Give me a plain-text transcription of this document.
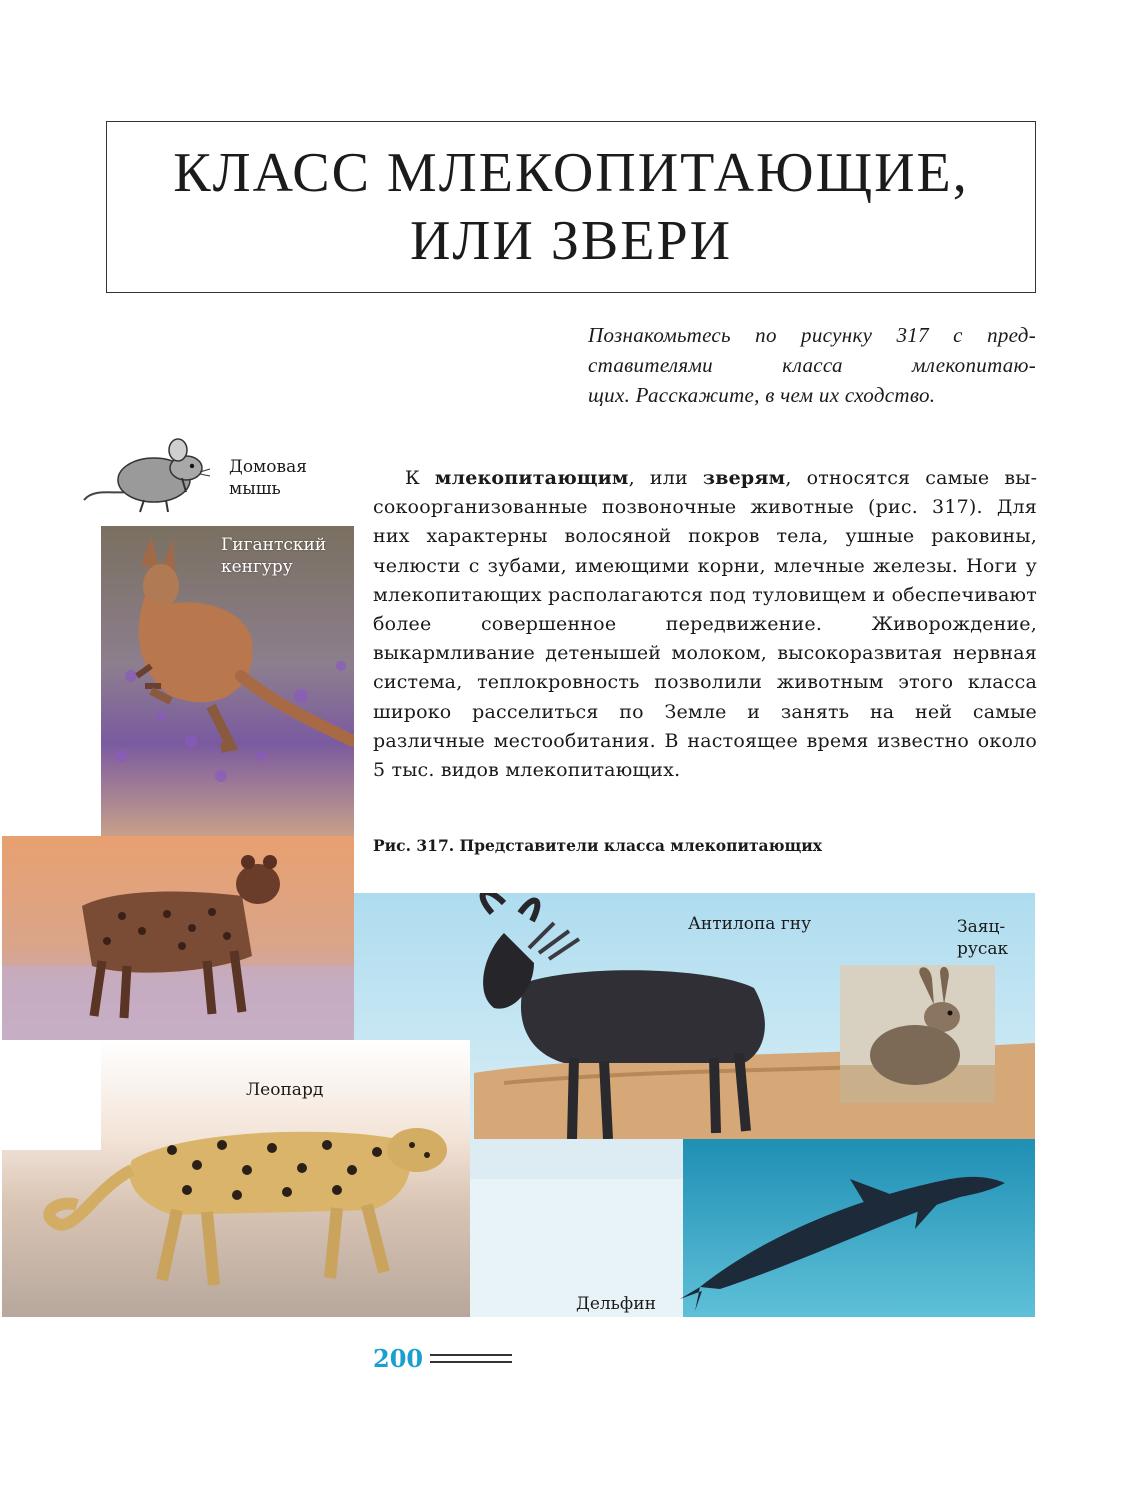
КЛАСС МЛЕКОПИТАЮЩИЕ,
ИЛИ ЗВЕРИ
Познакомьтесь по рисунку 317 с пред-
ставителями класса млекопитаю-
щих. Расскажите, в чем их сходство.
Домовая
мышь
Гигантский
кенгуру
К млекопитающим, или зверям, относятся самые высокоорганизованные позвоночные животные (рис. 317). Для них характерны волосяной покров тела, ушные раковины, челюсти с зубами, имеющими корни, млечные железы. Ноги у млекопитающих располагаются под туловищем и обеспечивают более совершенное передвижение. Живорождение, выкармливание детенышей молоком, высокоразвитая нервная система, теплокровность позволили животным этого класса широко расселиться по Земле и занять на ней самые различные местообитания. В настоящее время известно около 5 тыс. видов млекопитающих.
Рис. 317. Представители класса млекопитающих
Антилопа гну	Заяц-
русак
Леопард
Дельфин
200
